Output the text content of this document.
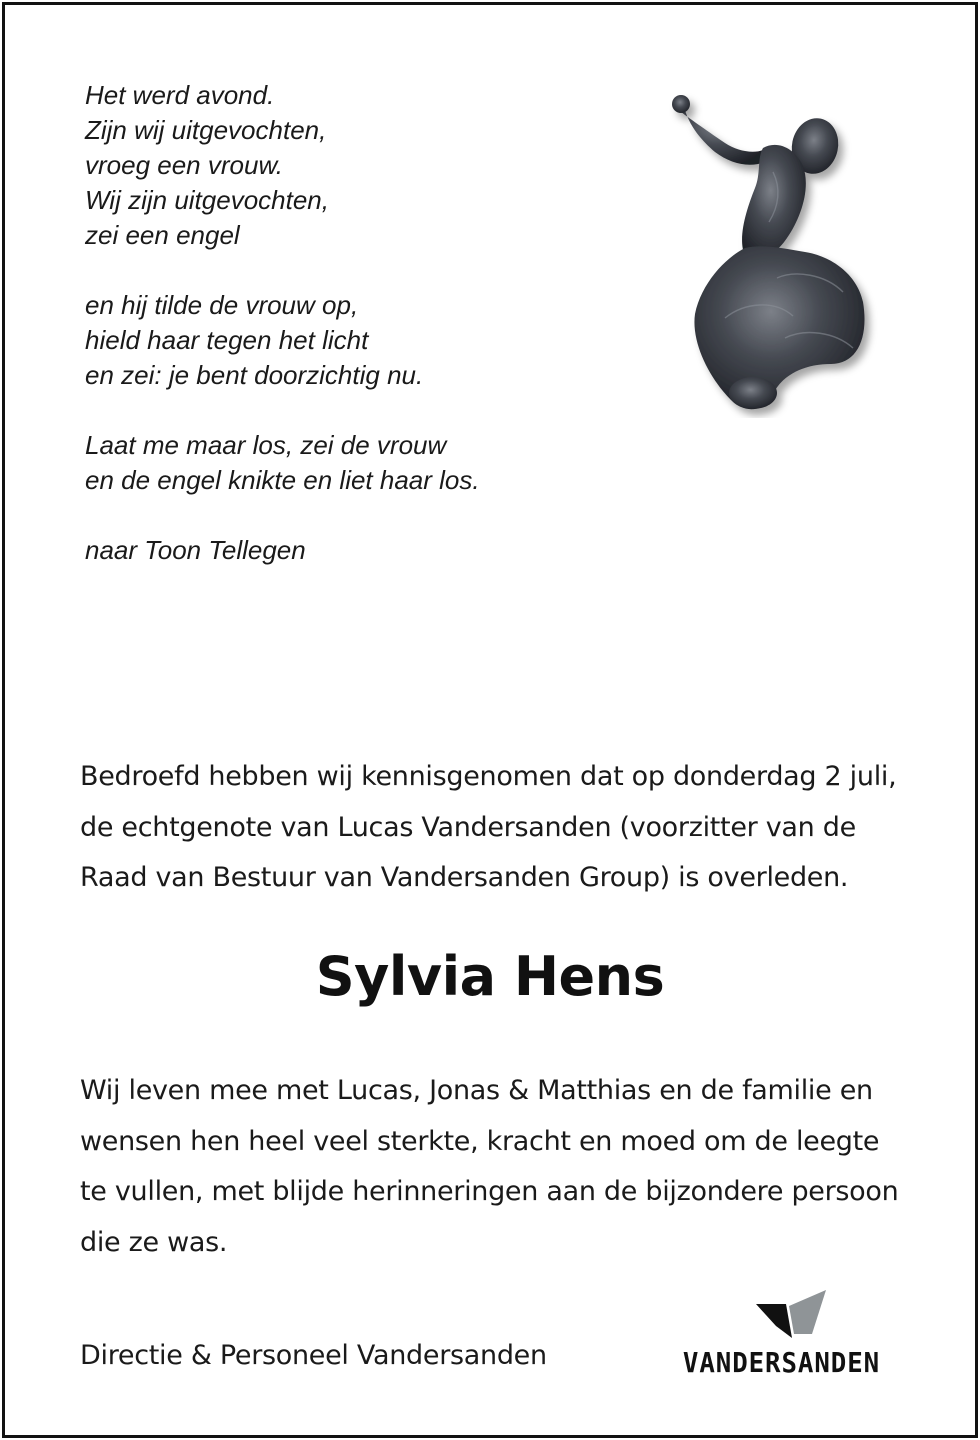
Het werd avond.
Zijn wij uitgevochten,
vroeg een vrouw.
Wij zijn uitgevochten,
zei een engel
en hij tilde de vrouw op,
hield haar tegen het licht
en zei: je bent doorzichtig nu.
Laat me maar los, zei de vrouw
en de engel knikte en liet haar los.
naar Toon Tellegen
Bedroefd hebben wij kennisgenomen dat op donderdag 2 juli,
de echtgenote van Lucas Vandersanden (voorzitter van de
Raad van Bestuur van Vandersanden Group) is overleden.
Sylvia Hens
Wij leven mee met Lucas, Jonas & Matthias en de familie en
wensen hen heel veel sterkte, kracht en moed om de leegte
te vullen, met blijde herinneringen aan de bijzondere persoon
die ze was.
Directie & Personeel Vandersanden	VANDERSANDEN
